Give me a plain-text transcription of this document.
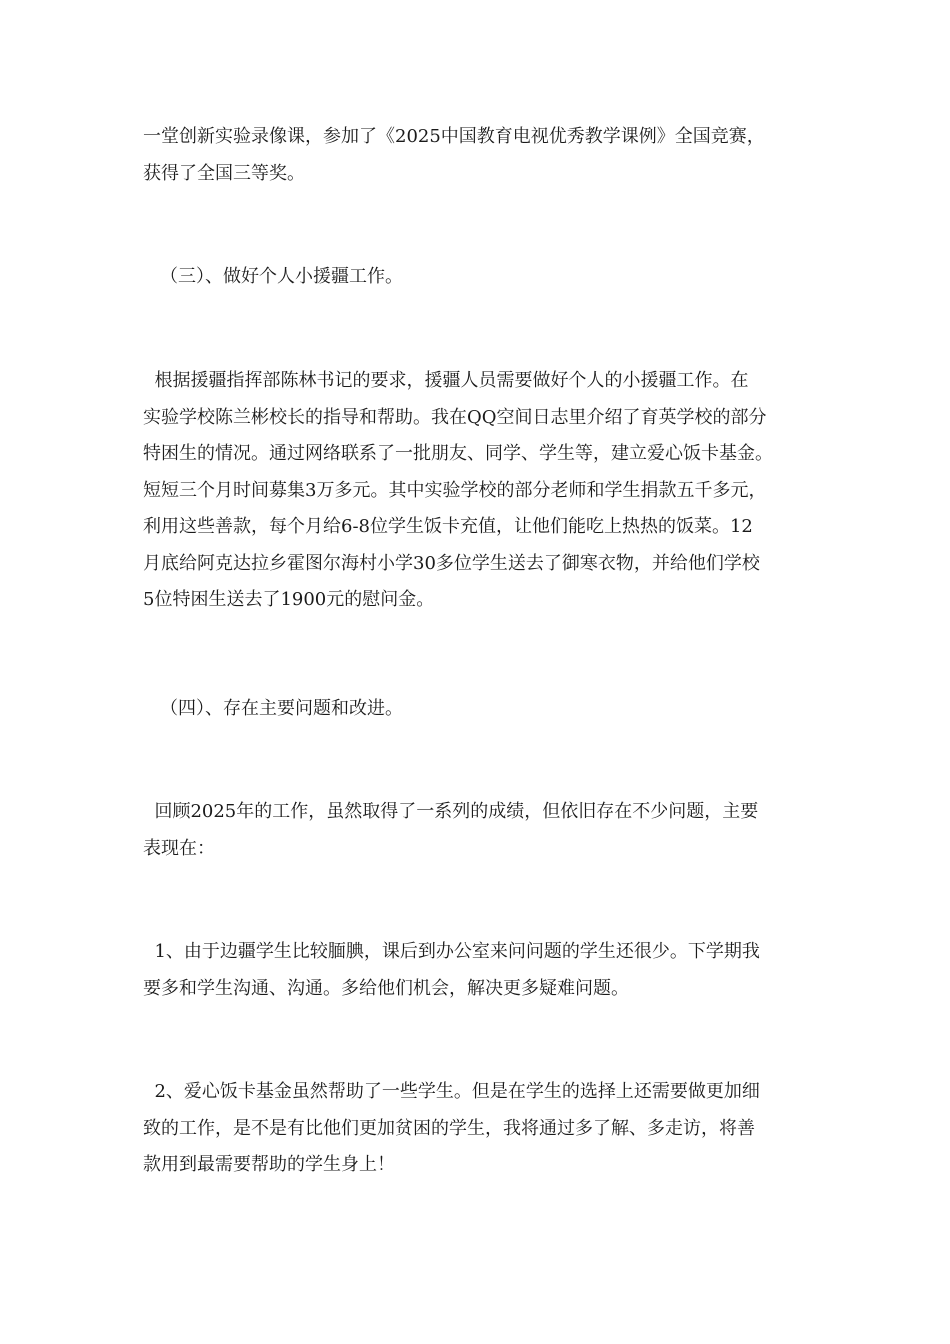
一堂创新实验录像课，参加了《2025中国教育电视优秀教学课例》全国竞赛，
获得了全国三等奖。

（三）、做好个人小援疆工作。

根据援疆指挥部陈林书记的要求，援疆人员需要做好个人的小援疆工作。在
实验学校陈兰彬校长的指导和帮助。我在QQ空间日志里介绍了育英学校的部分
特困生的情况。通过网络联系了一批朋友、同学、学生等，建立爱心饭卡基金。
短短三个月时间募集3万多元。其中实验学校的部分老师和学生捐款五千多元，
利用这些善款，每个月给6-8位学生饭卡充值，让他们能吃上热热的饭菜。12
月底给阿克达拉乡霍图尔海村小学30多位学生送去了御寒衣物，并给他们学校
5位特困生送去了1900元的慰问金。

（四）、存在主要问题和改进。

回顾2025年的工作，虽然取得了一系列的成绩，但依旧存在不少问题，主要
表现在：

1、由于边疆学生比较腼腆，课后到办公室来问问题的学生还很少。下学期我
要多和学生沟通、沟通。多给他们机会，解决更多疑难问题。

2、爱心饭卡基金虽然帮助了一些学生。但是在学生的选择上还需要做更加细
致的工作，是不是有比他们更加贫困的学生，我将通过多了解、多走访，将善
款用到最需要帮助的学生身上！
